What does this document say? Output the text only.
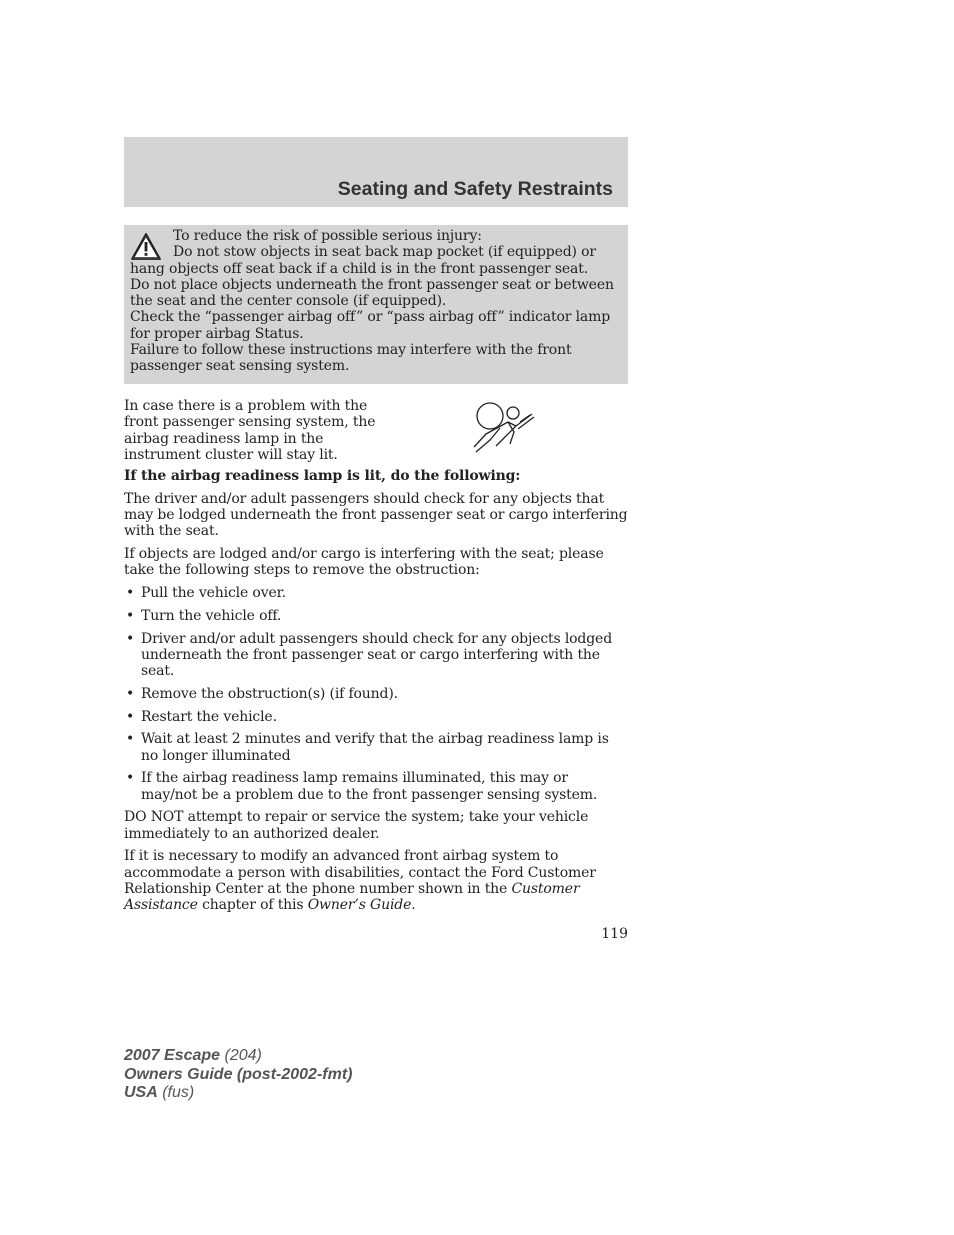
Seating and Safety Restraints

To reduce the risk of possible serious injury:

Do not stow objects in seat back map pocket (if equipped) or hang objects off seat back if a child is in the front passenger seat.

Do not place objects underneath the front passenger seat or between the seat and the center console (if equipped).

Check the “passenger airbag off” or “pass airbag off” indicator lamp for proper airbag Status.

Failure to follow these instructions may interfere with the front passenger seat sensing system.

In case there is a problem with the front passenger sensing system, the airbag readiness lamp in the instrument cluster will stay lit.

If the airbag readiness lamp is lit, do the following:

The driver and/or adult passengers should check for any objects that may be lodged underneath the front passenger seat or cargo interfering with the seat.

If objects are lodged and/or cargo is interfering with the seat; please take the following steps to remove the obstruction:

• Pull the vehicle over.
• Turn the vehicle off.
• Driver and/or adult passengers should check for any objects lodged underneath the front passenger seat or cargo interfering with the seat.
• Remove the obstruction(s) (if found).
• Restart the vehicle.
• Wait at least 2 minutes and verify that the airbag readiness lamp is no longer illuminated
• If the airbag readiness lamp remains illuminated, this may or may/not be a problem due to the front passenger sensing system.

DO NOT attempt to repair or service the system; take your vehicle immediately to an authorized dealer.

If it is necessary to modify an advanced front airbag system to accommodate a person with disabilities, contact the Ford Customer Relationship Center at the phone number shown in the Customer Assistance chapter of this Owner’s Guide.

119
2007 Escape (204)
Owners Guide (post-2002-fmt)
USA (fus)
